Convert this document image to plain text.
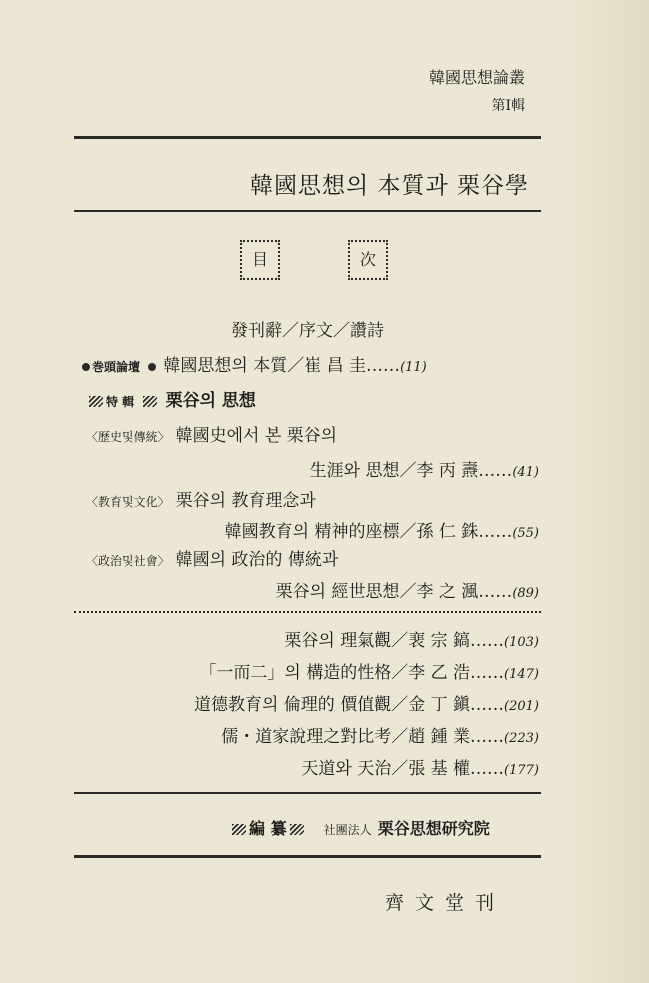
韓國思想論叢
第Ⅰ輯
韓國思想의 本質과 栗谷學
目	次
發刊辭／序文／讚詩
巻頭論壇 韓國思想의 本質／崔 昌 圭……(11)
特 輯 栗谷의 思想
〈歷史및傳統〉 韓國史에서 본 栗谷의
生涯와 思想／李 丙 燾……(41)
〈教育및文化〉 栗谷의 教育理念과
韓國教育의 精神的座標／孫 仁 銖……(55)
〈政治및社會〉 韓國의 政治的 傳統과
栗谷의 經世思想／李 之 渢……(89)
栗谷의 理氣觀／裵 宗 鎬……(103)
「一而二」의 構造的性格／李 乙 浩……(147)
道德教育의 倫理的 價值觀／金 丁 鎭……(201)
儒・道家說理之對比考／趙 鍾 業……(223)
天道와 天治／張 基 權……(177)
編 纂	社團法人 栗谷思想研究院
齊文堂刊
